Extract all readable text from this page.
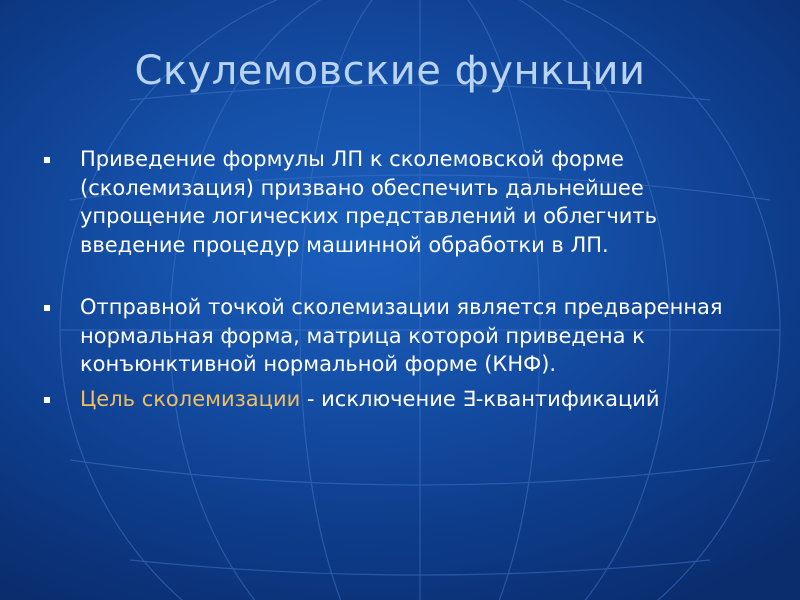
Скулемовские функции
Приведение формулы ЛП к сколемовской форме (сколемизация) призвано обеспечить дальнейшее упрощение логических представлений и облегчить введение процедур машинной обработки в ЛП.
Отправной точкой сколемизации является предваренная нормальная форма, матрица которой приведена к конъюнктивной нормальной форме (КНФ).
Цель сколемизации - исключение ∃-квантификаций
